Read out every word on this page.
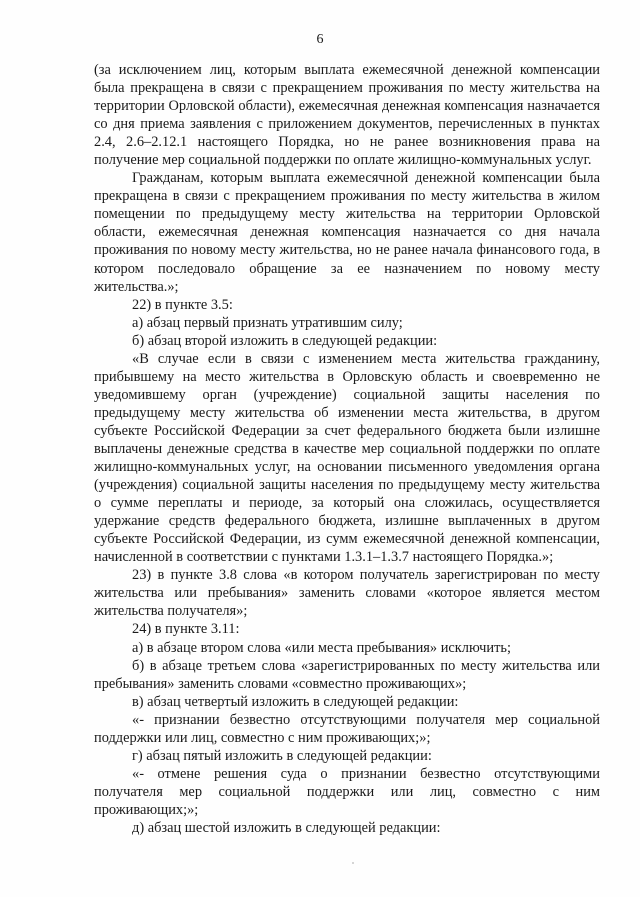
6

(за исключением лиц, которым выплата ежемесячной денежной компенсации была прекращена в связи с прекращением проживания по месту жительства на территории Орловской области), ежемесячная денежная компенсация назначается со дня приема заявления с приложением документов, перечисленных в пунктах 2.4, 2.6–2.12.1 настоящего Порядка, но не ранее возникновения права на получение мер социальной поддержки по оплате жилищно-коммунальных услуг.

Гражданам, которым выплата ежемесячной денежной компенсации была прекращена в связи с прекращением проживания по месту жительства в жилом помещении по предыдущему месту жительства на территории Орловской области, ежемесячная денежная компенсация назначается со дня начала проживания по новому месту жительства, но не ранее начала финансового года, в котором последовало обращение за ее назначением по новому месту жительства.»;

22) в пункте 3.5:

а) абзац первый признать утратившим силу;

б) абзац второй изложить в следующей редакции:

«В случае если в связи с изменением места жительства гражданину, прибывшему на место жительства в Орловскую область и своевременно не уведомившему орган (учреждение) социальной защиты населения по предыдущему месту жительства об изменении места жительства, в другом субъекте Российской Федерации за счет федерального бюджета были излишне выплачены денежные средства в качестве мер социальной поддержки по оплате жилищно-коммунальных услуг, на основании письменного уведомления органа (учреждения) социальной защиты населения по предыдущему месту жительства о сумме переплаты и периоде, за который она сложилась, осуществляется удержание средств федерального бюджета, излишне выплаченных в другом субъекте Российской Федерации, из сумм ежемесячной денежной компенсации, начисленной в соответствии с пунктами 1.3.1–1.3.7 настоящего Порядка.»;

23) в пункте 3.8 слова «в котором получатель зарегистрирован по месту жительства или пребывания» заменить словами «которое является местом жительства получателя»;

24) в пункте 3.11:

а) в абзаце втором слова «или места пребывания» исключить;

б) в абзаце третьем слова «зарегистрированных по месту жительства или пребывания» заменить словами «совместно проживающих»;

в) абзац четвертый изложить в следующей редакции:

«- признании безвестно отсутствующими получателя мер социальной поддержки или лиц, совместно с ним проживающих;»;

г) абзац пятый изложить в следующей редакции:

«- отмене решения суда о признании безвестно отсутствующими получателя мер социальной поддержки или лиц, совместно с ним проживающих;»;

д) абзац шестой изложить в следующей редакции:
